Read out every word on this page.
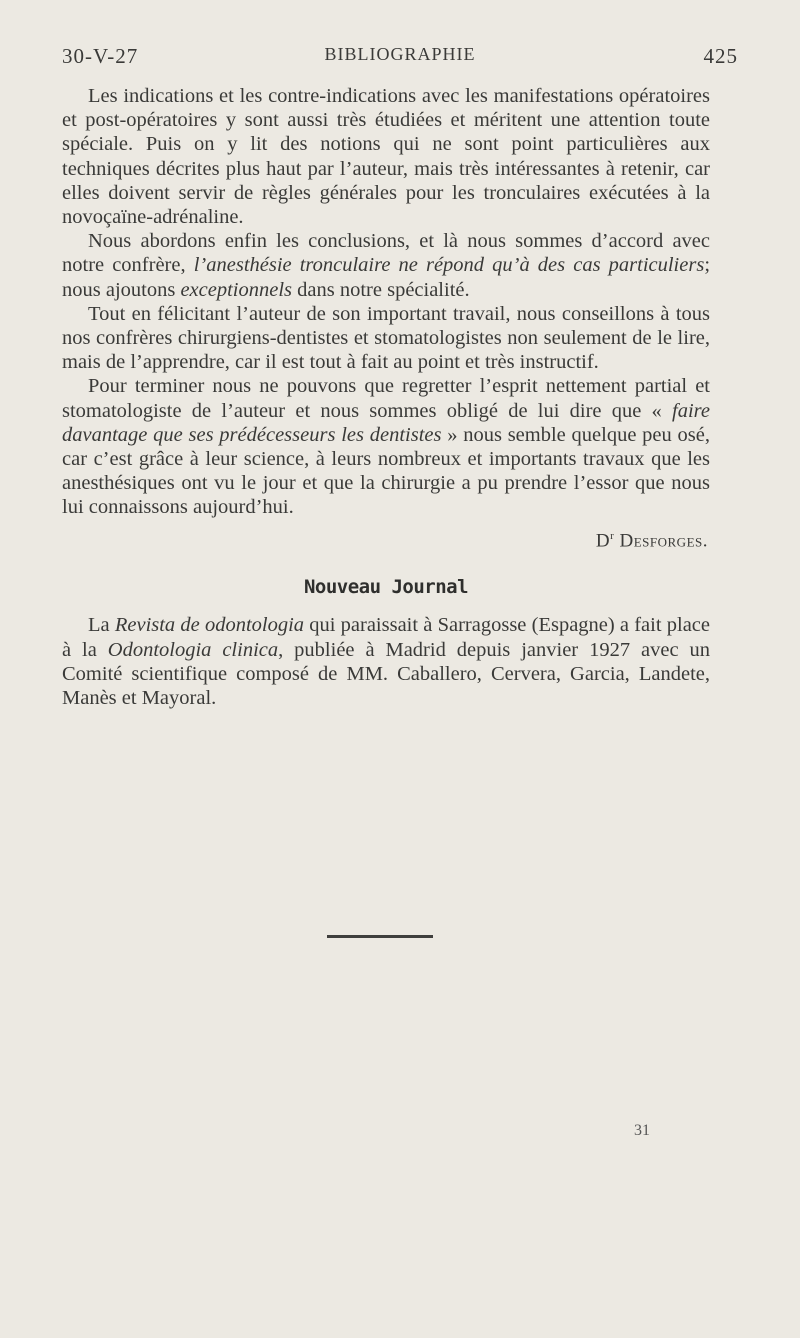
30-V-27	BIBLIOGRAPHIE	425

Les indications et les contre-indications avec les manifestations opératoires et post-opératoires y sont aussi très étudiées et méritent une attention toute spéciale. Puis on y lit des notions qui ne sont point particulières aux techniques décrites plus haut par l’auteur, mais très intéressantes à retenir, car elles doivent servir de règles générales pour les tronculaires exécutées à la novoçaïne-adrénaline.

Nous abordons enfin les conclusions, et là nous sommes d’accord avec notre confrère, l’anesthésie tronculaire ne répond qu’à des cas particuliers; nous ajoutons exceptionnels dans notre spécialité.

Tout en félicitant l’auteur de son important travail, nous conseillons à tous nos confrères chirurgiens-dentistes et stomatologistes non seulement de le lire, mais de l’apprendre, car il est tout à fait au point et très instructif.

Pour terminer nous ne pouvons que regretter l’esprit nettement partial et stomatologiste de l’auteur et nous sommes obligé de lui dire que « faire davantage que ses prédécesseurs les dentistes » nous semble quelque peu osé, car c’est grâce à leur science, à leurs nombreux et importants travaux que les anesthésiques ont vu le jour et que la chirurgie a pu prendre l’essor que nous lui connaissons aujourd’hui.

$D^r$ Desforges.
Nouveau Journal

La Revista de odontologia qui paraissait à Sarragosse (Espagne) a fait place à la Odontologia clinica, publiée à Madrid depuis janvier 1927 avec un Comité scientifique composé de MM. Caballero, Cervera, Garcia, Landete, Manès et Mayoral.

31
